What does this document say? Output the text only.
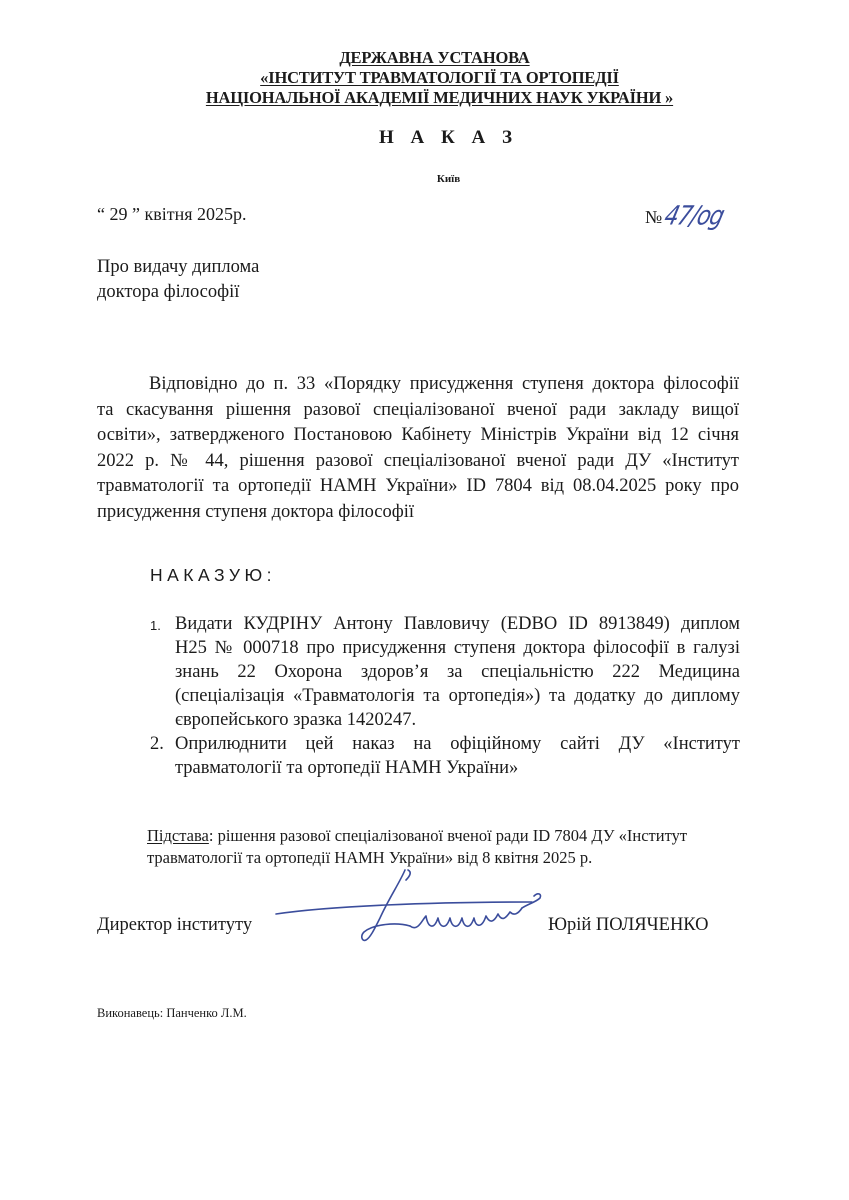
ДЕРЖАВНА УСТАНОВА
«ІНСТИТУТ ТРАВМАТОЛОГІЇ ТА ОРТОПЕДІЇ
НАЦІОНАЛЬНОЇ АКАДЕМІЇ МЕДИЧНИХ НАУК УКРАЇНИ »
Н А К А З
Київ
“ 29 ” квітня 2025р.	№47/og
Про видачу диплома
доктора філософії
Відповідно до п. 33 «Порядку присудження ступеня доктора філософії
та скасування рішення разової спеціалізованої вченої ради закладу вищої
освіти», затвердженого Постановою Кабінету Міністрів України від 12 січня
2022 р. № 44, рішення разової спеціалізованої вченої ради ДУ «Інститут
травматології та ортопедії НАМН України» ID 7804 від 08.04.2025 року про
присудження ступеня доктора філософії
НАКАЗУЮ:
1. Видати КУДРІНУ Антону Павловичу (EDBO ID 8913849) диплом
Н25 № 000718 про присудження ступеня доктора філософії в галузі
знань 22 Охорона здоров’я за спеціальністю 222 Медицина
(спеціалізація «Травматологія та ортопедія») та додатку до диплому
європейського зразка 1420247.
2. Оприлюднити цей наказ на офіційному сайті ДУ «Інститут
травматології та ортопедії НАМН України»
Підстава: рішення разової спеціалізованої вченої ради ID 7804 ДУ «Інститут
травматології та ортопедії НАМН України» від 8 квітня 2025 р.
Директор інституту	Юрій ПОЛЯЧЕНКО
Виконавець: Панченко Л.М.
